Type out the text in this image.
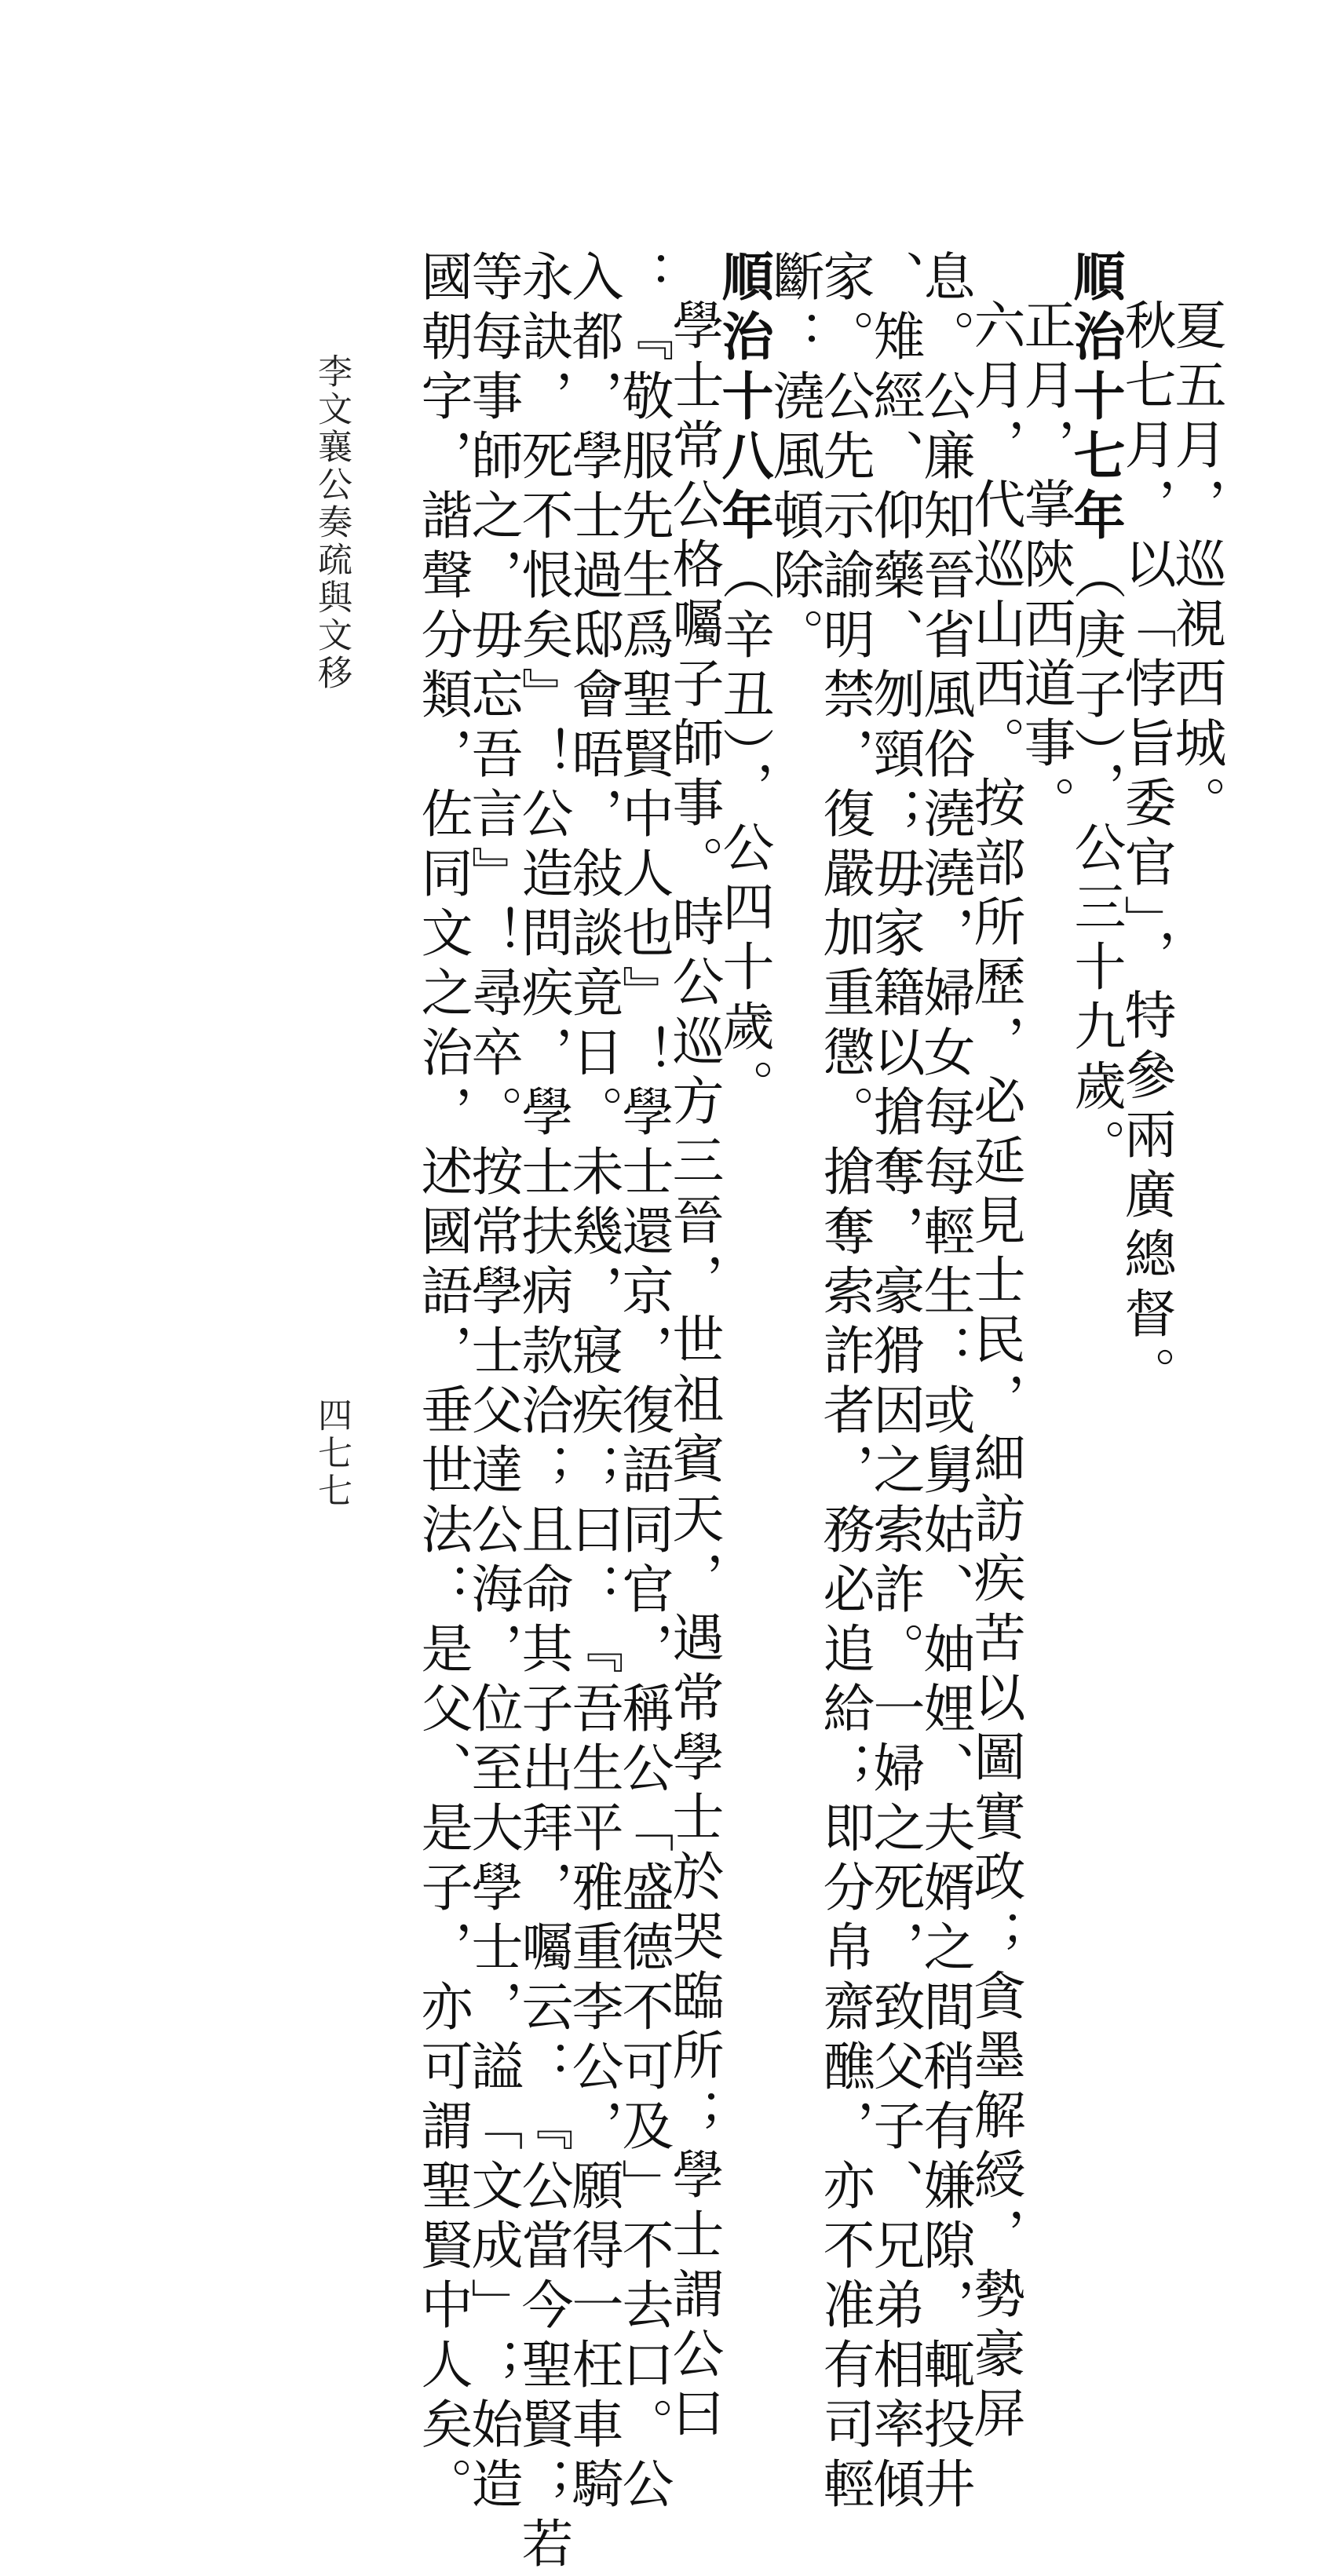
夏五月，巡視西城。
秋七月，以「悖旨委官」，特參兩廣總督。
順治十七年（庚子），公三十九歲。
正月，掌陝西道事。
六月，代巡山西。按部所歷，必延見士民，細訪疾苦以圖實政；貪墨解綬，勢豪屏
息。公廉知晉省風俗澆澆，婦女每每輕生：或舅姑、妯娌、夫婿之間稍有嫌隙，輒投井
、雉經、仰藥、刎頸；毋家籍以搶奪，豪猾因之索詐。一婦之死，致父子、兄弟相率傾
家。公先示諭明禁，復嚴加重懲。搶奪索詐者，務必追給；即分帛齋醮，亦不准有司輕
斷：澆風頓除。
順治十八年（辛丑），公四十歲。
學士常公格囑子師事。時公巡方三晉，世祖賓天，遇常學士於哭臨所；學士謂公曰
：『敬服先生爲聖賢中人也』！學士還京，復語同官，稱公「盛德不可及」不去口。公
入都，學士過邸會晤，敍談竟日。未幾，寢疾；曰：『吾生平雅重李公，願得一枉車騎
永訣，死不恨矣』！公造問疾，學士扶病款洽；且命其子出拜，囑云：『公當今聖賢；若
等每事師之，毋忘吾言』！尋卒。按常學士父達公海，位至大學士，謚「文成」；始造
國朝字，諧聲分類，佐同文之治，述國語，垂世法：是父、是子，亦可謂聖賢中人矣。
李文襄公奏疏與文移
四七七
